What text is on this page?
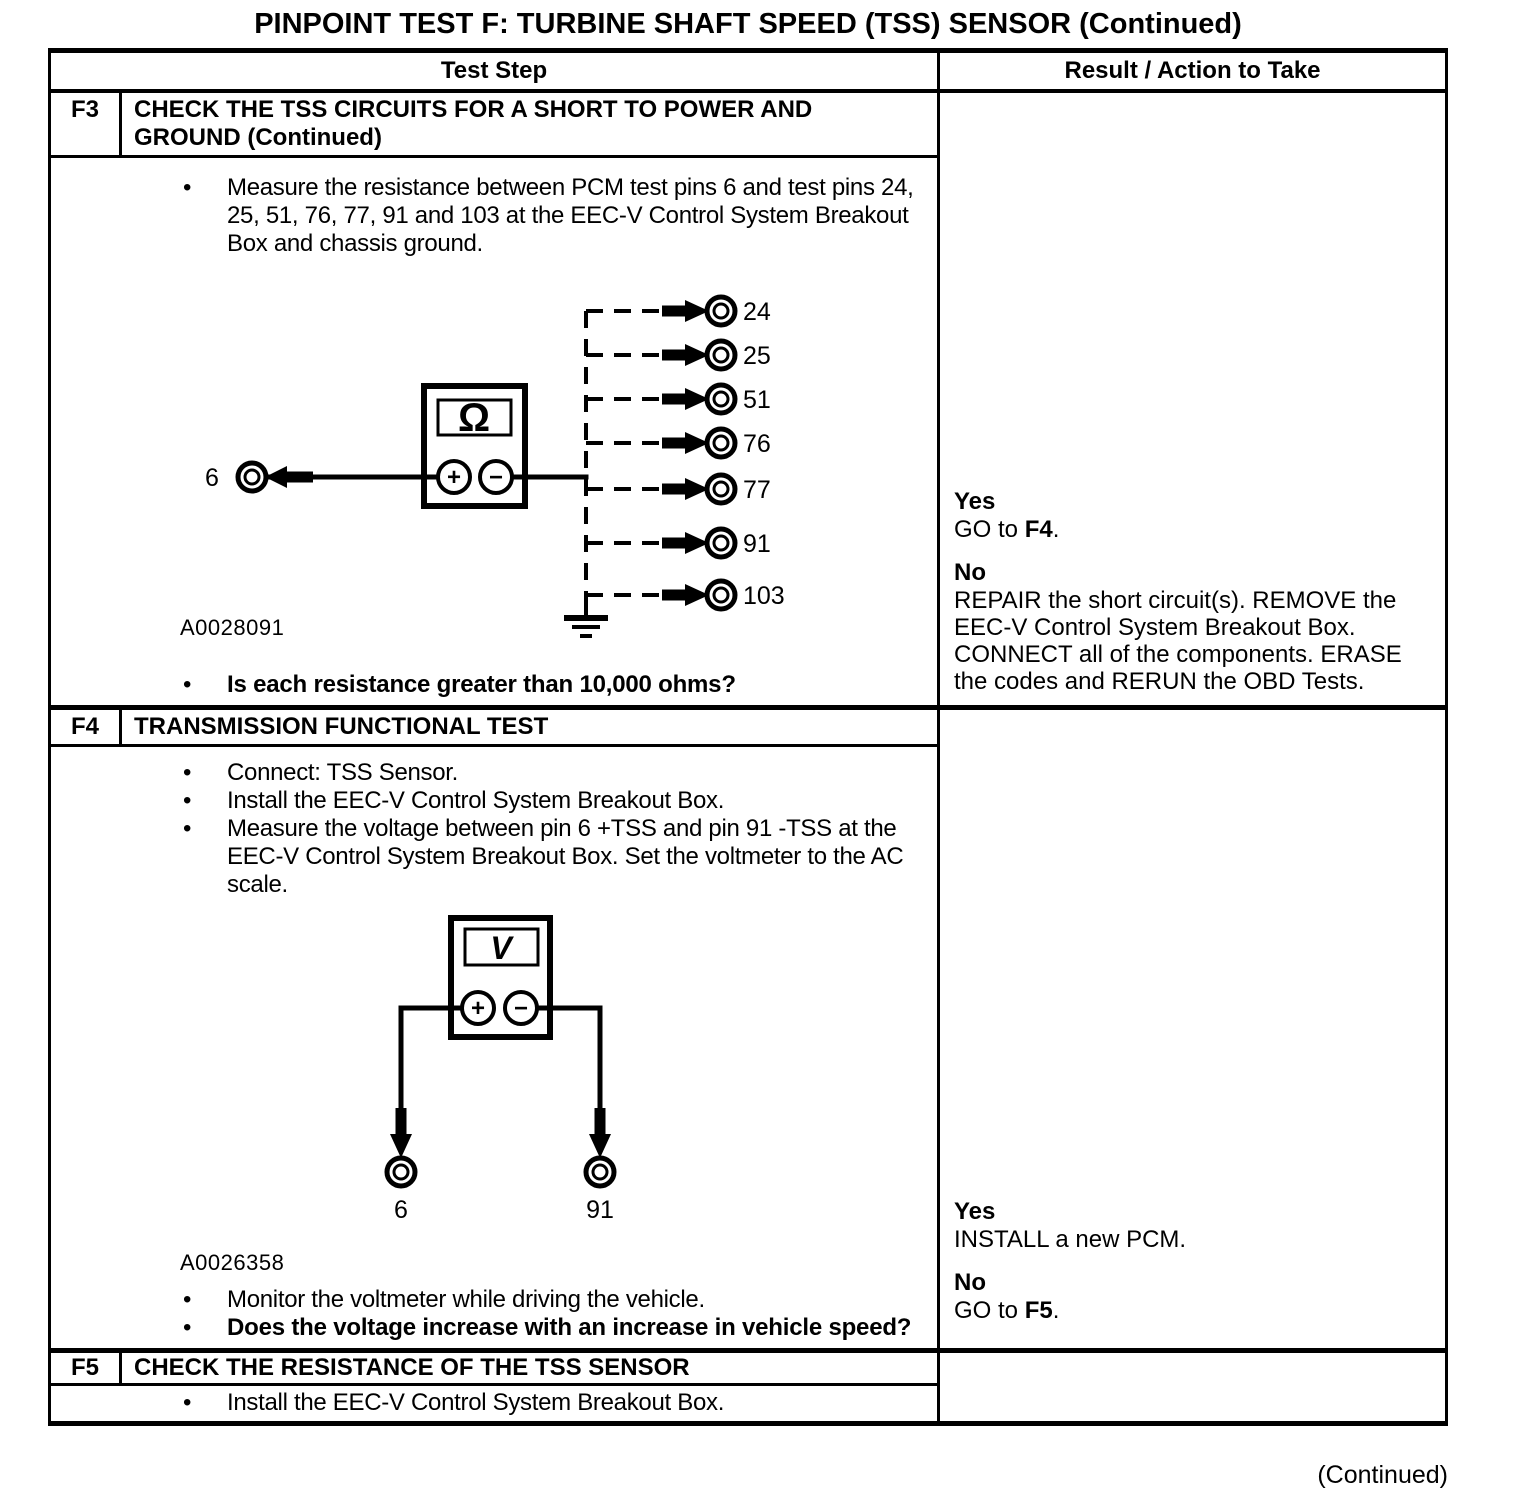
PINPOINT TEST F: TURBINE SHAFT SPEED (TSS) SENSOR (Continued)
Test Step	Result / Action to Take
F3	CHECK THE TSS CIRCUITS FOR A SHORT TO POWER AND GROUND (Continued)
•	Measure the resistance between PCM test pins 6 and test pins 24, 25, 51, 76, 77, 91 and 103 at the EEC-V Control System Breakout Box and chassis ground.
6
Ω
+ −
24
25
51
76
77
91
103
A0028091
•	Is each resistance greater than 10,000 ohms?
Yes
GO to F4.
No
REPAIR the short circuit(s). REMOVE the EEC-V Control System Breakout Box. CONNECT all of the components. ERASE the codes and RERUN the OBD Tests.
F4	TRANSMISSION FUNCTIONAL TEST
•	Connect: TSS Sensor.
•	Install the EEC-V Control System Breakout Box.
•	Measure the voltage between pin 6 +TSS and pin 91 -TSS at the EEC-V Control System Breakout Box. Set the voltmeter to the AC scale.
V
+ −
6	91
A0026358
•	Monitor the voltmeter while driving the vehicle.
•	Does the voltage increase with an increase in vehicle speed?
Yes
INSTALL a new PCM.
No
GO to F5.
F5	CHECK THE RESISTANCE OF THE TSS SENSOR
•	Install the EEC-V Control System Breakout Box.
(Continued)
